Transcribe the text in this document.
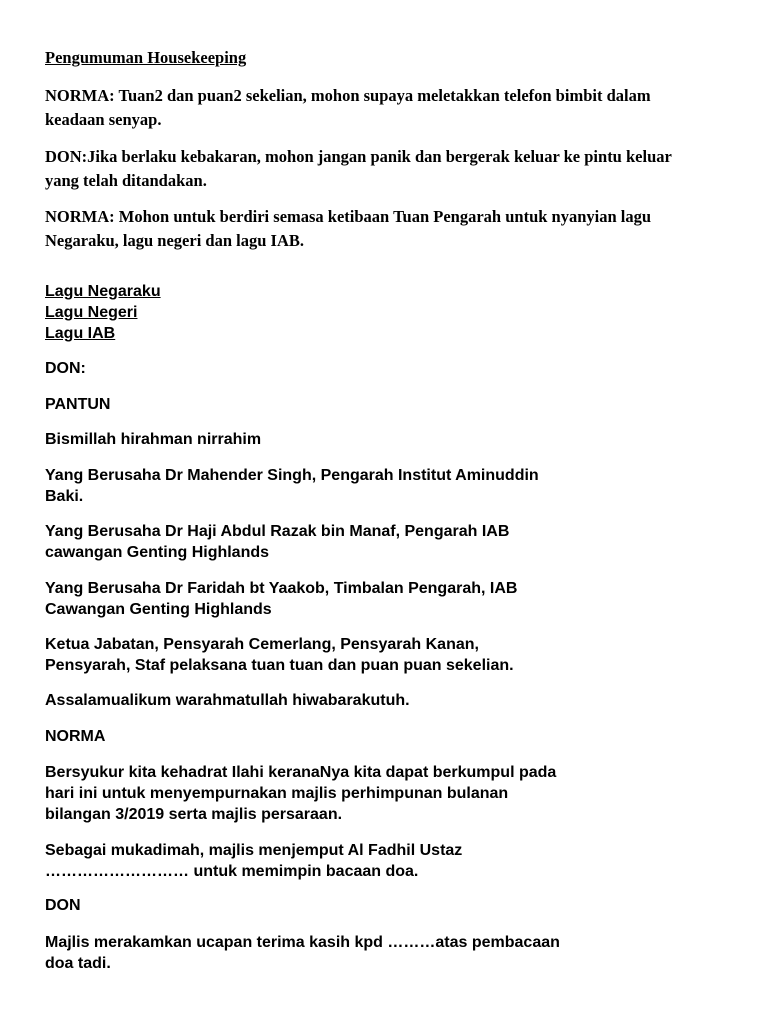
Pengumuman Housekeeping

NORMA: Tuan2 dan puan2 sekelian, mohon supaya meletakkan telefon bimbit dalam
keadaan senyap.

DON:Jika berlaku kebakaran, mohon jangan panik dan bergerak keluar ke pintu keluar
yang telah ditandakan.

NORMA: Mohon untuk berdiri semasa ketibaan Tuan Pengarah untuk nyanyian lagu
Negaraku, lagu negeri dan lagu IAB.

Lagu Negaraku
Lagu Negeri
Lagu IAB

DON:

PANTUN

Bismillah hirahman nirrahim

Yang Berusaha Dr Mahender Singh, Pengarah Institut Aminuddin
Baki.

Yang Berusaha Dr Haji Abdul Razak bin Manaf, Pengarah IAB
cawangan Genting Highlands

Yang Berusaha Dr Faridah bt Yaakob, Timbalan Pengarah, IAB
Cawangan Genting Highlands

Ketua Jabatan, Pensyarah Cemerlang, Pensyarah Kanan,
Pensyarah, Staf pelaksana tuan tuan dan puan puan sekelian.

Assalamualikum warahmatullah hiwabarakutuh.

NORMA

Bersyukur kita kehadrat Ilahi keranaNya kita dapat berkumpul pada
hari ini untuk menyempurnakan majlis perhimpunan bulanan
bilangan 3/2019 serta majlis persaraan.

Sebagai mukadimah, majlis menjemput Al Fadhil Ustaz
……………………… untuk memimpin bacaan doa.

DON

Majlis merakamkan ucapan terima kasih kpd ………atas pembacaan
doa tadi.
